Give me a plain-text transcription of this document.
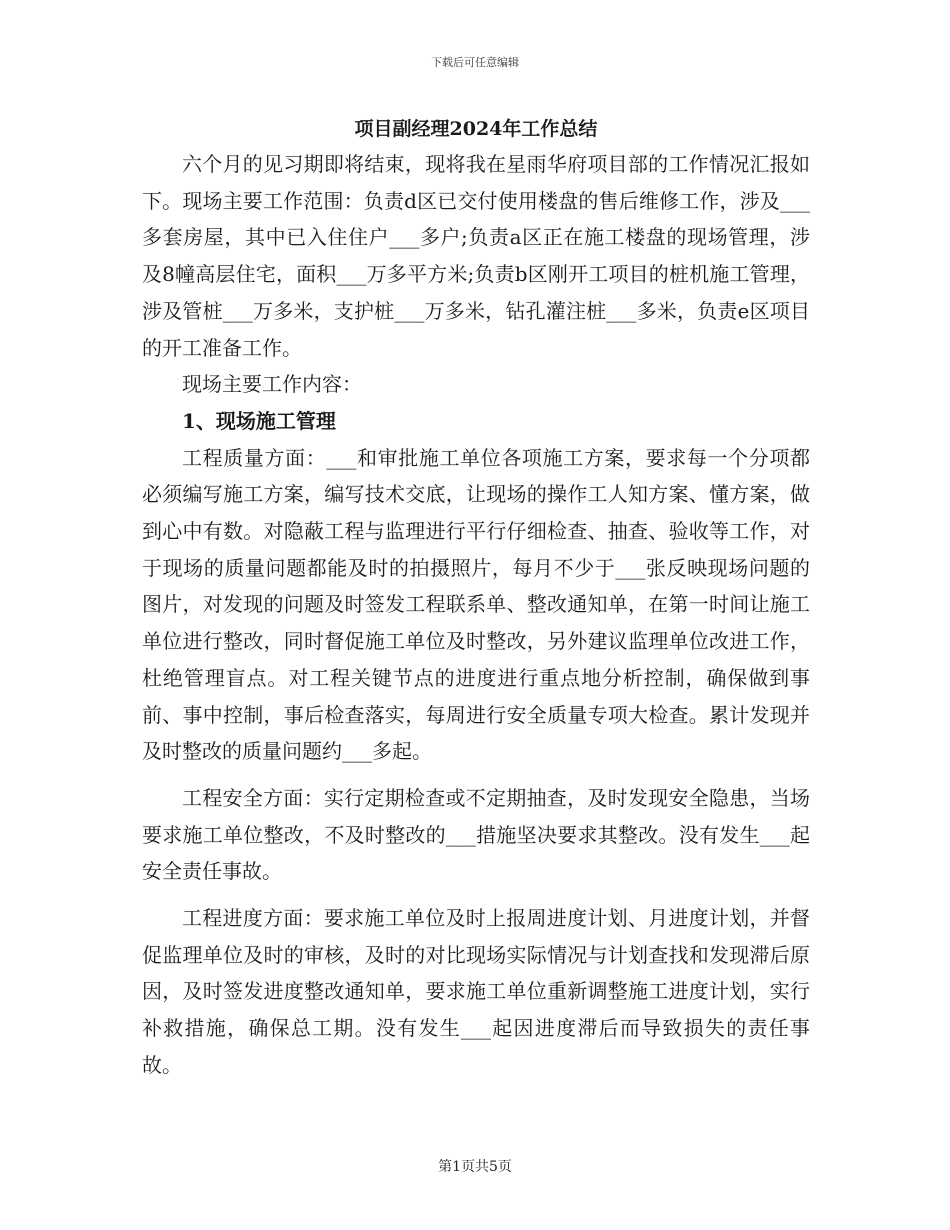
下载后可任意编辑
项目副经理2024年工作总结

六个月的见习期即将结束，现将我在星雨华府项目部的工作情况汇报如下。现场主要工作范围：负责d区已交付使用楼盘的售后维修工作，涉及___多套房屋，其中已入住住户___多户;负责a区正在施工楼盘的现场管理，涉及8幢高层住宅，面积___万多平方米;负责b区刚开工项目的桩机施工管理，涉及管桩___万多米，支护桩___万多米，钻孔灌注桩___多米，负责e区项目的开工准备工作。

现场主要工作内容：

1、现场施工管理

工程质量方面：___和审批施工单位各项施工方案，要求每一个分项都必须编写施工方案，编写技术交底，让现场的操作工人知方案、懂方案，做到心中有数。对隐蔽工程与监理进行平行仔细检查、抽查、验收等工作，对于现场的质量问题都能及时的拍摄照片，每月不少于___张反映现场问题的图片，对发现的问题及时签发工程联系单、整改通知单，在第一时间让施工单位进行整改，同时督促施工单位及时整改，另外建议监理单位改进工作，杜绝管理盲点。对工程关键节点的进度进行重点地分析控制，确保做到事前、事中控制，事后检查落实，每周进行安全质量专项大检查。累计发现并及时整改的质量问题约___多起。

工程安全方面：实行定期检查或不定期抽查，及时发现安全隐患，当场要求施工单位整改，不及时整改的___措施坚决要求其整改。没有发生___起安全责任事故。

工程进度方面：要求施工单位及时上报周进度计划、月进度计划，并督促监理单位及时的审核，及时的对比现场实际情况与计划查找和发现滞后原因，及时签发进度整改通知单，要求施工单位重新调整施工进度计划，实行补救措施，确保总工期。没有发生___起因进度滞后而导致损失的责任事故。

第1页共5页
